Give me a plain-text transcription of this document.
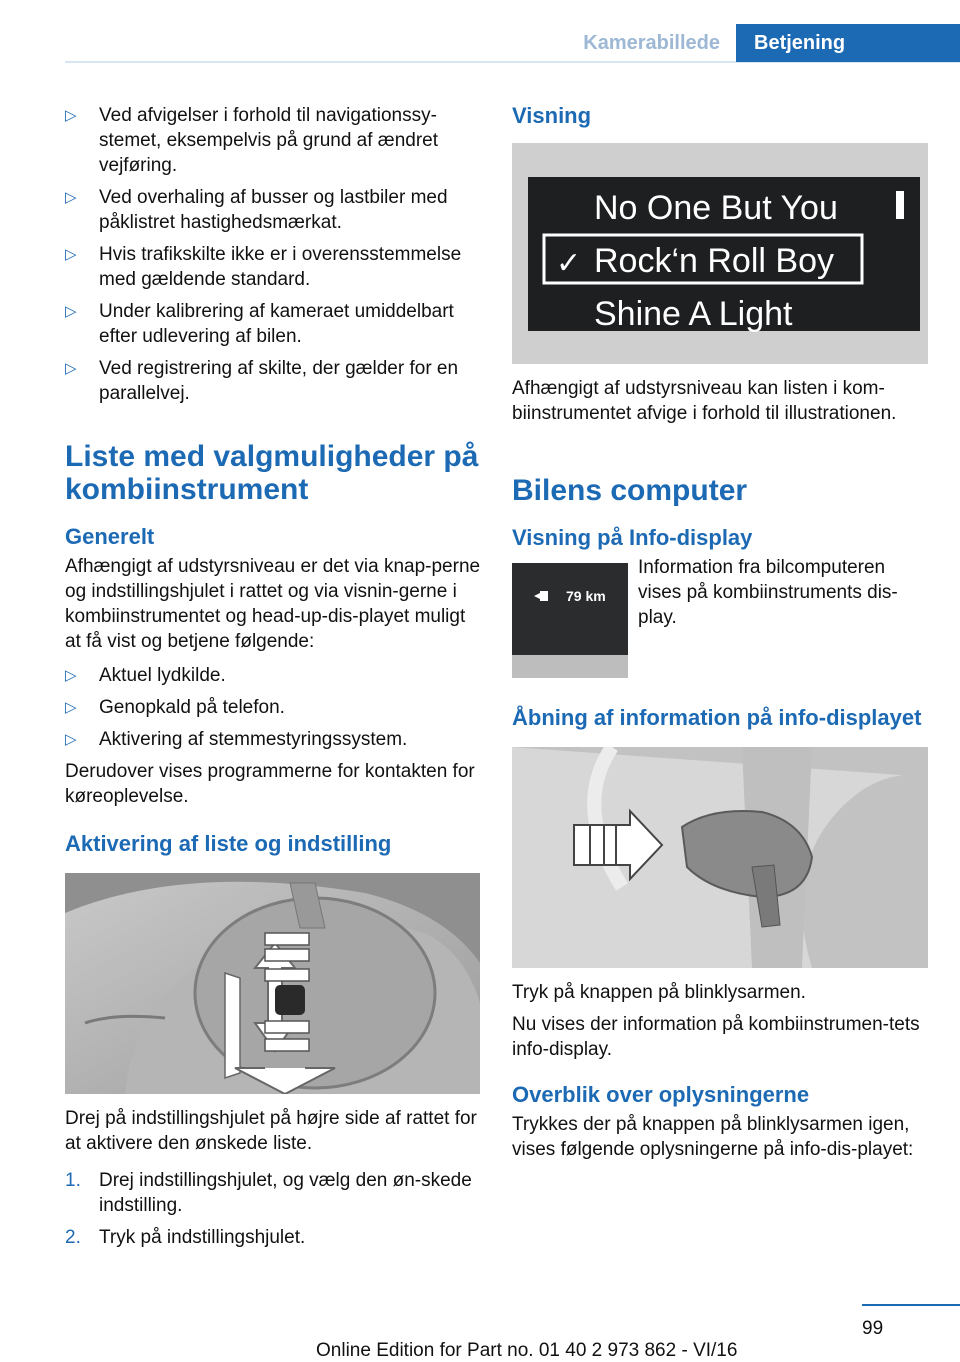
Kamerabillede	Betjening
▷	Ved afvigelser i forhold til navigationssy‐stemet, eksempelvis på grund af ændret vejføring.
▷	Ved overhaling af busser og lastbiler med påklistret hastighedsmærkat.
▷	Hvis trafikskilte ikke er i overensstemmelse med gældende standard.
▷	Under kalibrering af kameraet umiddelbart efter udlevering af bilen.
▷	Ved registrering af skilte, der gælder for en parallelvej.
Liste med valgmuligheder på kombiinstrument
Generelt

Afhængigt af udstyrsniveau er det via knap‐perne og indstillingshjulet i rattet og via visnin‐gerne i kombiinstrumentet og head-up-dis‐playet muligt at få vist og betjene følgende:

▷	Aktuel lydkilde.
▷	Genopkald på telefon.
▷	Aktivering af stemmestyringssystem.

Derudover vises programmerne for kontakten for køreoplevelse.

Aktivering af liste og indstilling

Drej på indstillingshjulet på højre side af rattet for at aktivere den ønskede liste.

1. Drej indstillingshjulet, og vælg den øn‐skede indstilling.
2. Tryk på indstillingshjulet.
Visning
No One But You
✓ Rock‘n Roll Boy
Shine A Light

Afhængigt af udstyrsniveau kan listen i kom‐biinstrumentet afvige i forhold til illustrationen.

Bilens computer
Visning på Info-display
79 km

Information fra bilcomputeren vises på kombiinstruments dis‐play.

Åbning af information på info‐displayet

Tryk på knappen på blinklysarmen.

Nu vises der information på kombiinstrumen‐tets info-display.

Overblik over oplysningerne

Trykkes der på knappen på blinklysarmen igen, vises følgende oplysningerne på info-dis‐playet:

99
Online Edition for Part no. 01 40 2 973 862 - VI/16
